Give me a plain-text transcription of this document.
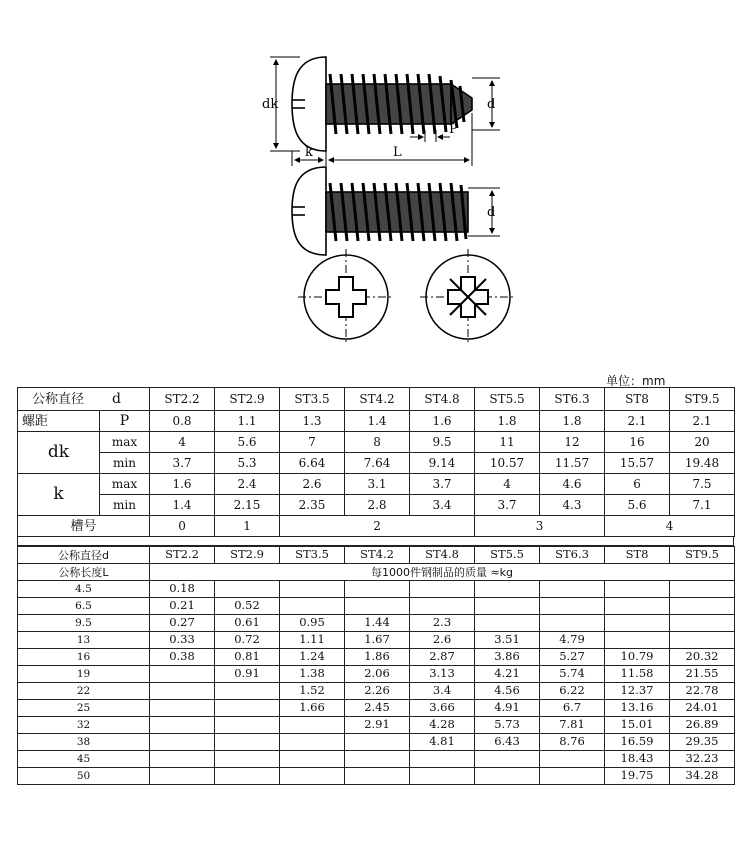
dk	d
k	L
P
d
单位：mm
公称直径 d		ST2.2	ST2.9	ST3.5	ST4.2	ST4.8	ST5.5	ST6.3	ST8	ST9.5
螺距	P	0.8	1.1	1.3	1.4	1.6	1.8	1.8	2.1	2.1
dk	max	4	5.6	7	8	9.5	11	12	16	20
	min	3.7	5.3	6.64	7.64	9.14	10.57	11.57	15.57	19.48
k	max	1.6	2.4	2.6	3.1	3.7	4	4.6	6	7.5
	min	1.4	2.15	2.35	2.8	3.4	3.7	4.3	5.6	7.1
槽号		0	1	2			3		4	
公称直径d	ST2.2	ST2.9	ST3.5	ST4.2	ST4.8	ST5.5	ST6.3	ST8	ST9.5
公称长度L	每1000件钢制品的质量 ≈kg								
4.5	0.18								
6.5	0.21	0.52							
9.5	0.27	0.61	0.95	1.44	2.3				
13	0.33	0.72	1.11	1.67	2.6	3.51	4.79		
16	0.38	0.81	1.24	1.86	2.87	3.86	5.27	10.79	20.32
19		0.91	1.38	2.06	3.13	4.21	5.74	11.58	21.55
22			1.52	2.26	3.4	4.56	6.22	12.37	22.78
25			1.66	2.45	3.66	4.91	6.7	13.16	24.01
32				2.91	4.28	5.73	7.81	15.01	26.89
38					4.81	6.43	8.76	16.59	29.35
45								18.43	32.23
50								19.75	34.28
